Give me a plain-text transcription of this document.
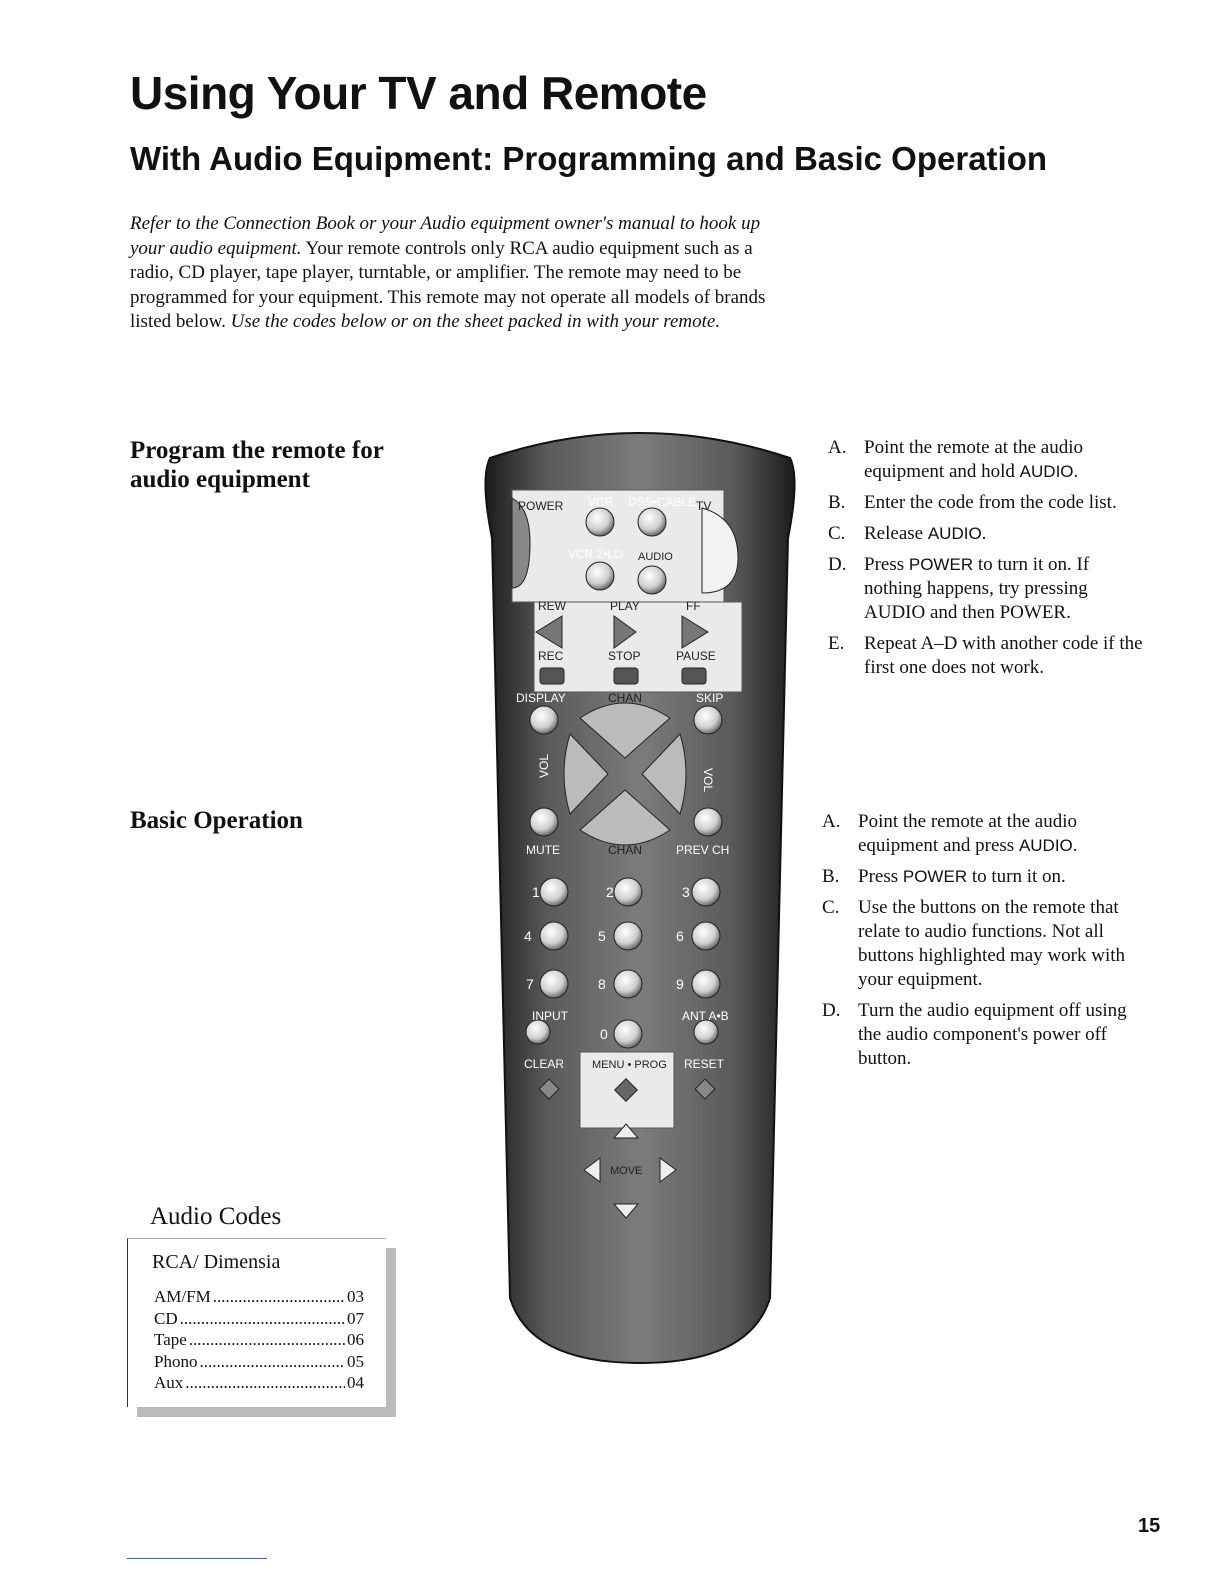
Using Your TV and Remote
With Audio Equipment: Programming and Basic Operation

Refer to the Connection Book or your Audio equipment owner's manual to hook up your audio equipment. Your remote controls only RCA audio equipment such as a radio, CD player, tape player, turntable, or amplifier. The remote may need to be programmed for your equipment. This remote may not operate all models of brands listed below. Use the codes below or on the sheet packed in with your remote.

Program the remote for audio equipment
A. Point the remote at the audio equipment and hold AUDIO.
B. Enter the code from the code list.
C. Release AUDIO.
D. Press POWER to turn it on. If nothing happens, try pressing AUDIO and then POWER.
E. Repeat A–D with another code if the first one does not work.
Basic Operation	A. Point the remote at the audio equipment and press AUDIO.
B. Press POWER to turn it on.
C. Use the buttons on the remote that relate to audio functions. Not all buttons highlighted may work with your equipment.
D. Turn the audio equipment off using the audio component's power off button.
Audio Codes
RCA/ Dimensia
AM/FM .....	03
CD .....	07
Tape .....	06
Phono .....	05
Aux .....	04
POWER VCR DSS•CABLE TV
VCR 2•LD AUDIO
REW	PLAY	FF
REC	STOP	PAUSE
DISPLAY	CHAN	SKIP
VOL
VOL
MUTE	CHAN	PREV CH
1	2	3
4	5	6
7	8	9
0
INPUT	ANT A•B
CLEAR	MENU • PROG RESET
MOVE
15
